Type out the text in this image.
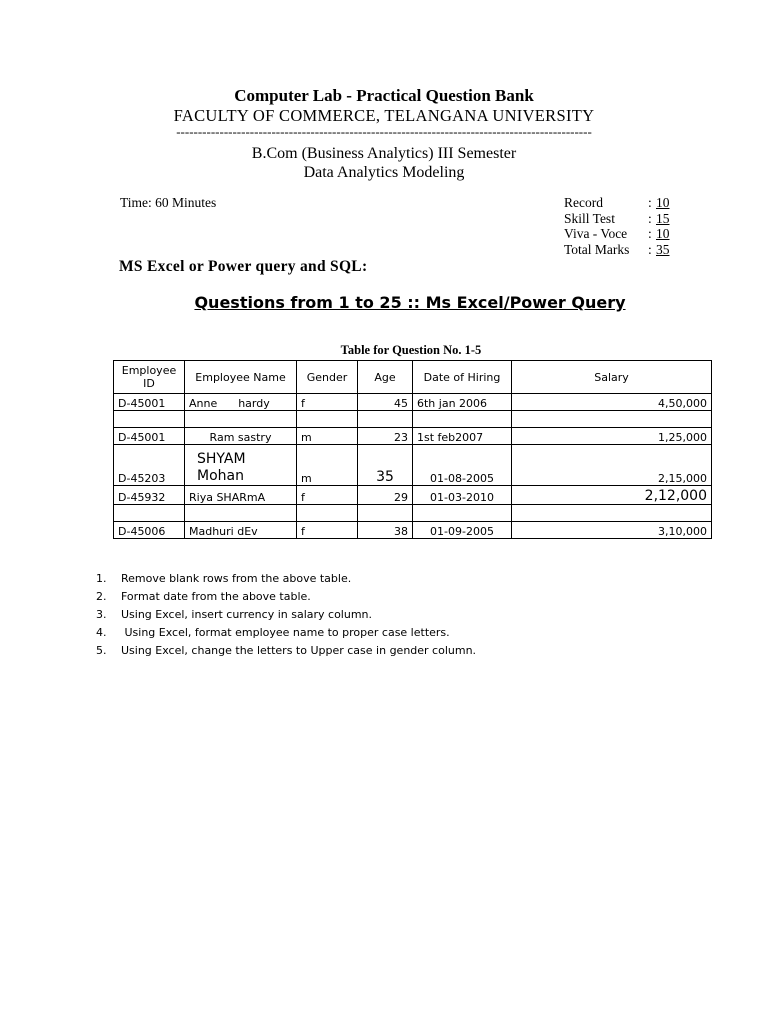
Computer Lab - Practical Question Bank
FACULTY OF COMMERCE, TELANGANA UNIVERSITY
------------------------------------------------------------------------------------------------
B.Com (Business Analytics) III Semester
Data Analytics Modeling
Time: 60 Minutes	Record	: 10
Skill Test	: 15
Viva - Voce	: 10
Total Marks	: 35
MS Excel or Power query and SQL:
Questions from 1 to 25 :: Ms Excel/Power Query
Table for Question No. 1-5
Employee ID	Employee Name	Gender	Age	Date of Hiring	Salary
D-45001	Anne      hardy	f	45	6th jan 2006	4,50,000

D-45001	Ram sastry	m	23	1st feb2007	1,25,000
D-45203	SHYAM Mohan	m	35	01-08-2005	2,15,000
D-45932	Riya SHARmA	f	29	01-03-2010	2,12,000

D-45006	Madhuri dEv	f	38	01-09-2005	3,10,000
1.	Remove blank rows from the above table.
2.	Format date from the above table.
3.	Using Excel, insert currency in salary column.
4.	Using Excel, format employee name to proper case letters.
5.	Using Excel, change the letters to Upper case in gender column.
